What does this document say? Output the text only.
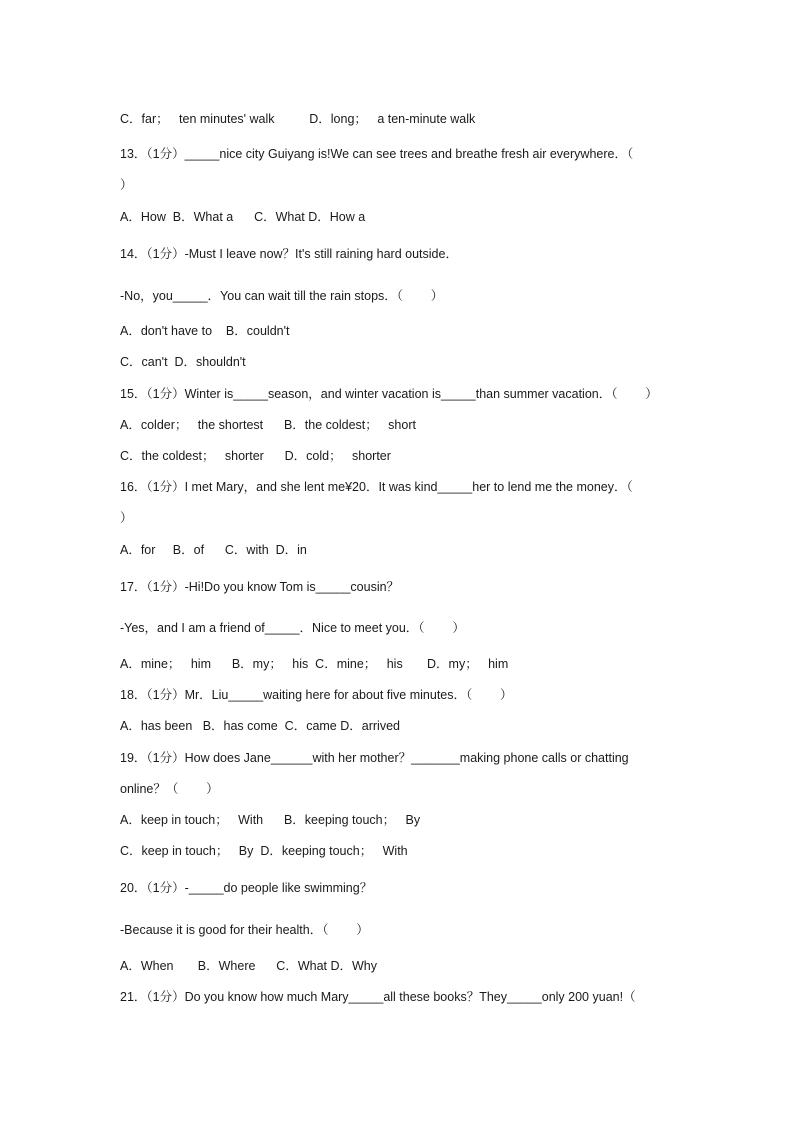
C．far；   ten minutes' walk          D．long；   a ten-minute walk
13．（1分）_____nice city Guiyang is!We can see trees and breathe fresh air everywhere．（
）
A．How  B．What a      C．What D．How a
14．（1分）-Must I leave now？It's still raining hard outside．
-No，you_____．You can wait till the rain stops．（        ）
A．don't have to    B．couldn't
C．can't  D．shouldn't
15．（1分）Winter is_____season，and winter vacation is_____than summer vacation．（        ）
A．colder；   the shortest      B．the coldest；   short
C．the coldest；   shorter      D．cold；   shorter
16．（1分）I met Mary，and she lent me¥20．It was kind_____her to lend me the money．（
）
A．for     B．of      C．with  D．in
17．（1分）-Hi!Do you know Tom is_____cousin？
-Yes，and I am a friend of_____．Nice to meet you．（        ）
A．mine；   him      B．my；   his  C．mine；   his       D．my；   him
18．（1分）Mr．Liu_____waiting here for about five minutes．（        ）
A．has been   B．has come  C．came D．arrived
19．（1分）How does Jane______with her mother？_______making phone calls or chatting
online？（        ）
A．keep in touch；   With      B．keeping touch；   By
C．keep in touch；   By  D．keeping touch；   With
20．（1分）-_____do people like swimming？
-Because it is good for their health．（        ）
A．When       B．Where      C．What D．Why
21．（1分）Do you know how much Mary_____all these books？They_____only 200 yuan!（
